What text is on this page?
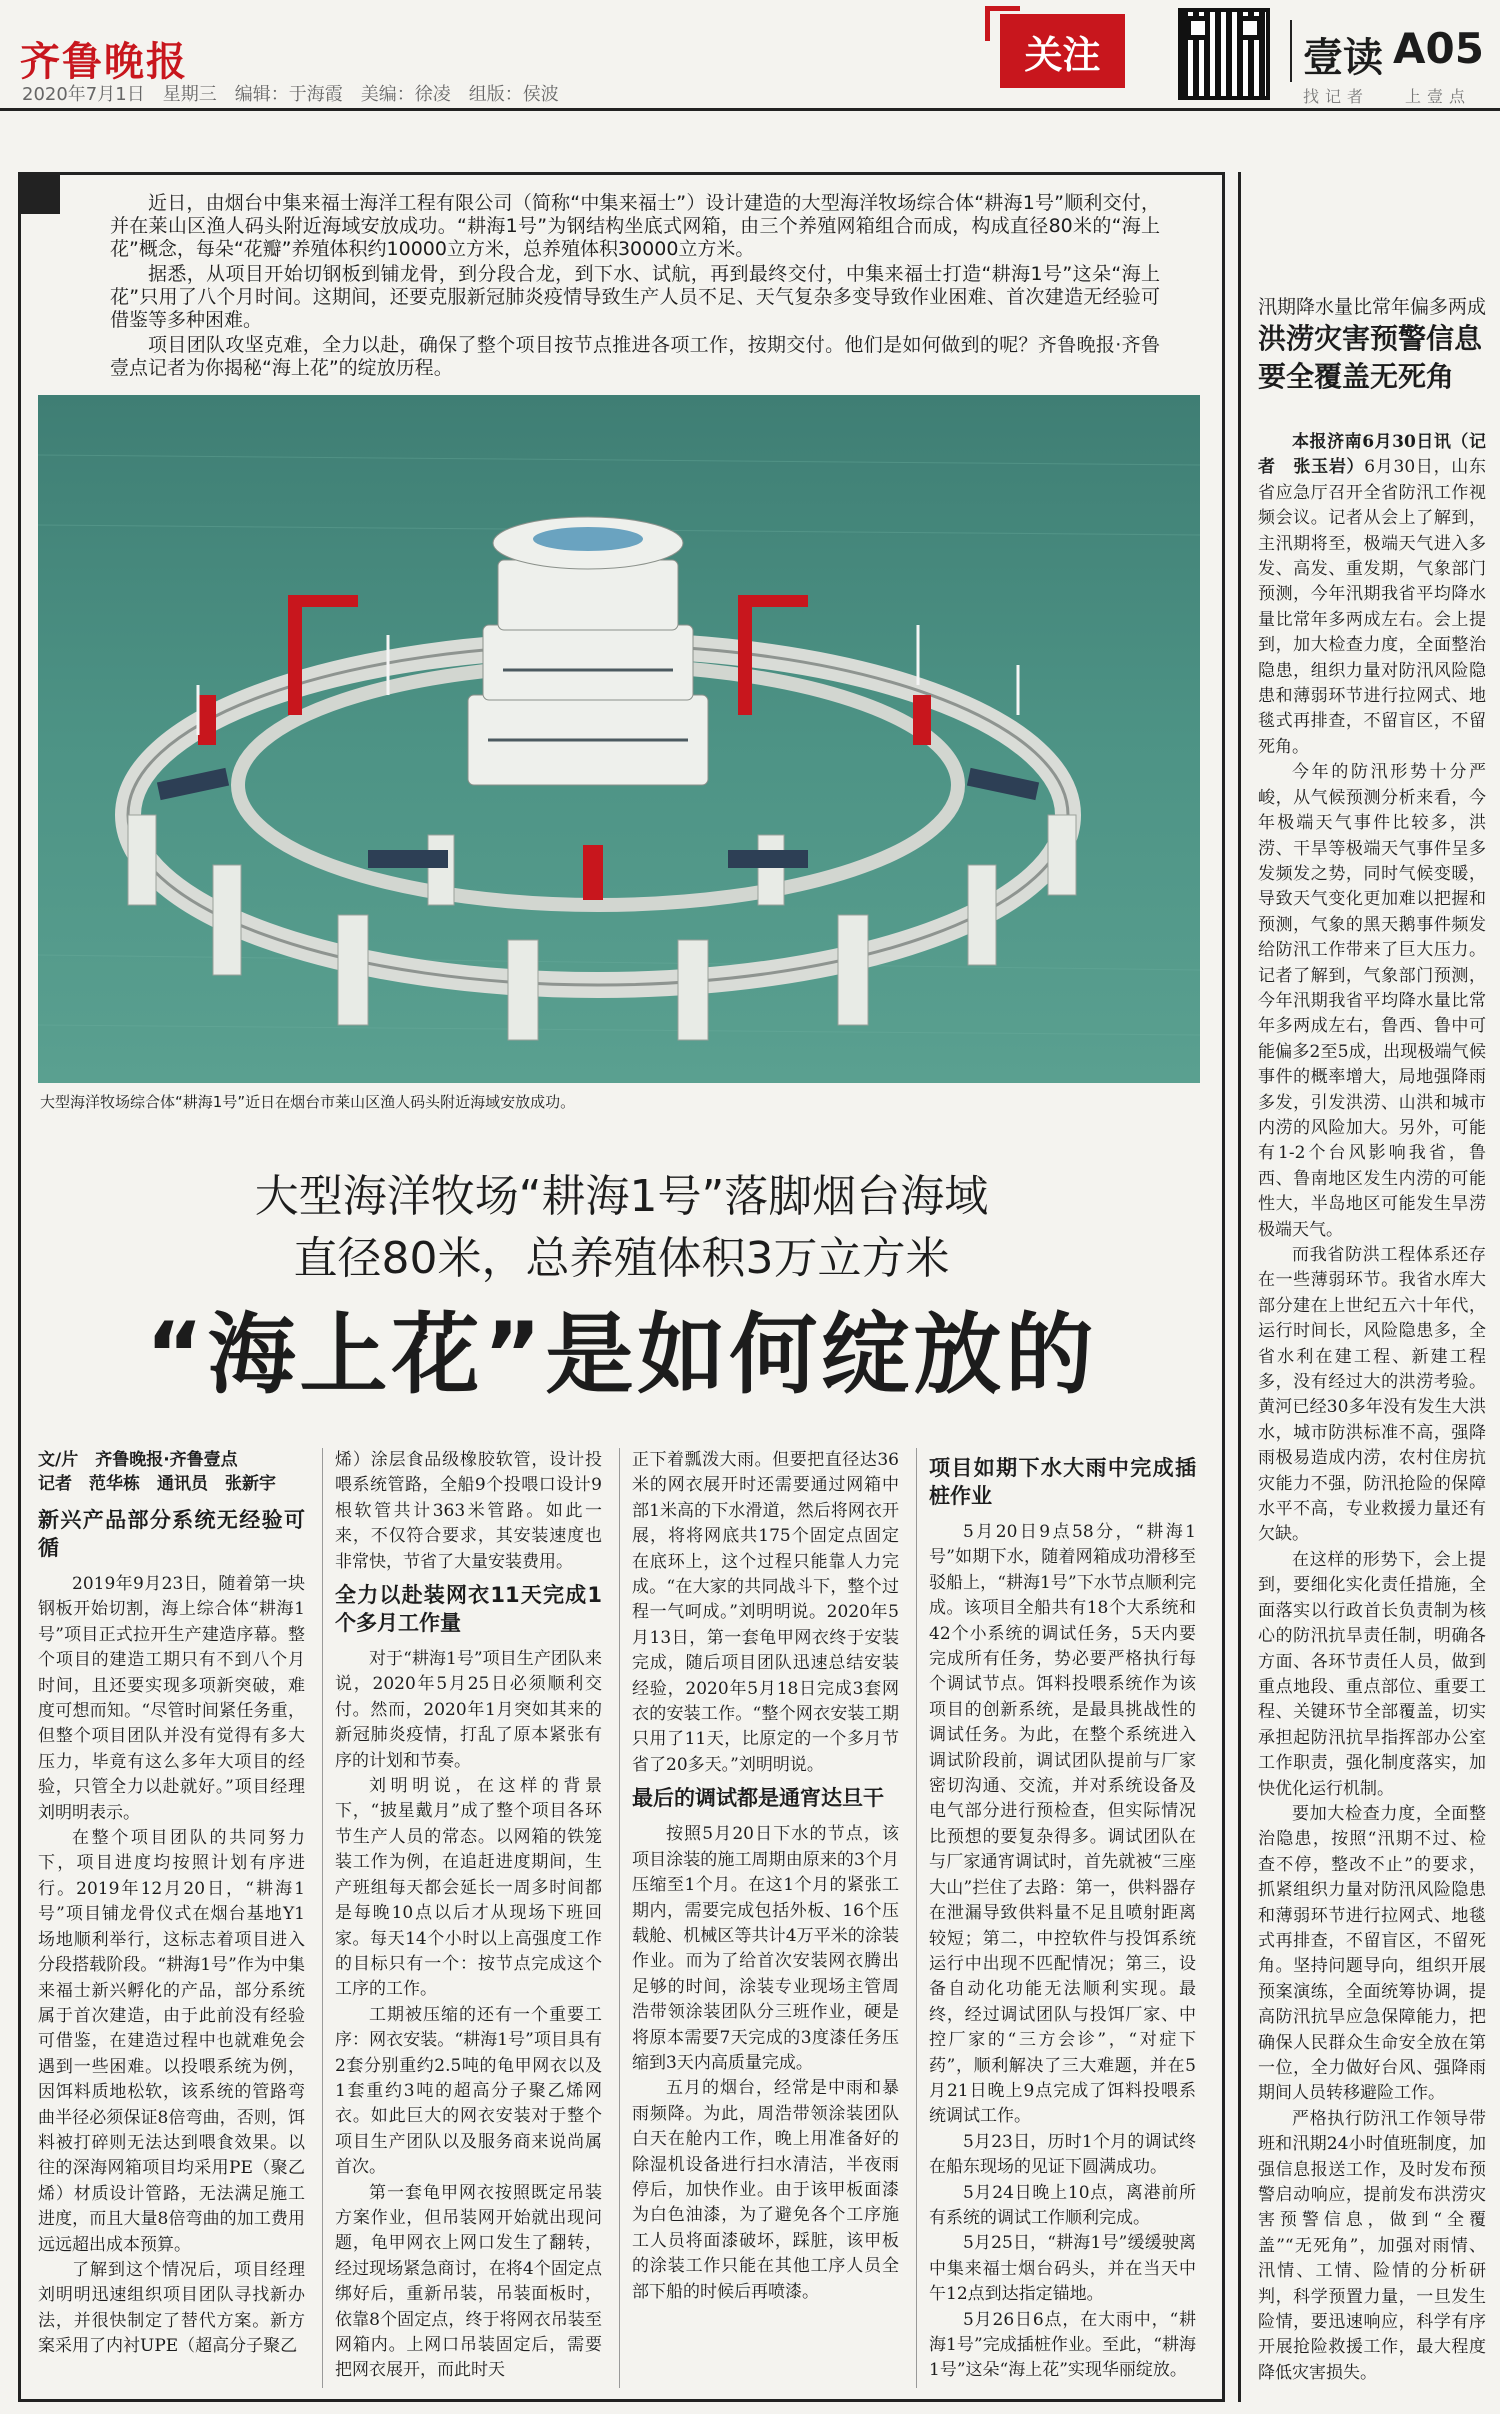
齐鲁晚报
2020年7月1日　星期三　编辑：于海霞　美编：徐凌　组版：侯波
关注	壹读 A05
找记者 上壹点

近日，由烟台中集来福士海洋工程有限公司（简称“中集来福士”）设计建造的大型海洋牧场综合体“耕海1号”顺利交付，并在莱山区渔人码头附近海域安放成功。“耕海1号”为钢结构坐底式网箱，由三个养殖网箱组合而成，构成直径80米的“海上花”概念，每朵“花瓣”养殖体积约10000立方米，总养殖体积30000立方米。

据悉，从项目开始切钢板到铺龙骨，到分段合龙，到下水、试航，再到最终交付，中集来福士打造“耕海1号”这朵“海上花”只用了八个月时间。这期间，还要克服新冠肺炎疫情导致生产人员不足、天气复杂多变导致作业困难、首次建造无经验可借鉴等多种困难。

项目团队攻坚克难，全力以赴，确保了整个项目按节点推进各项工作，按期交付。他们是如何做到的呢？齐鲁晚报·齐鲁壹点记者为你揭秘“海上花”的绽放历程。

大型海洋牧场综合体“耕海1号”近日在烟台市莱山区渔人码头附近海域安放成功。
大型海洋牧场“耕海1号”落脚烟台海域
直径80米，总养殖体积3万立方米
“海上花”是如何绽放的
文/片　齐鲁晚报·齐鲁壹点
记者　范华栋　通讯员　张新宇
新兴产品部分系统无经验可循

2019年9月23日，随着第一块钢板开始切割，海上综合体“耕海1号”项目正式拉开生产建造序幕。整个项目的建造工期只有不到八个月时间，且还要实现多项新突破，难度可想而知。“尽管时间紧任务重，但整个项目团队并没有觉得有多大压力，毕竟有这么多年大项目的经验，只管全力以赴就好。”项目经理刘明明表示。

在整个项目团队的共同努力下，项目进度均按照计划有序进行。2019年12月20日，“耕海1号”项目铺龙骨仪式在烟台基地Y1场地顺利举行，这标志着项目进入分段搭载阶段。“耕海1号”作为中集来福士新兴孵化的产品，部分系统属于首次建造，由于此前没有经验可借鉴，在建造过程中也就难免会遇到一些困难。以投喂系统为例，因饵料质地松软，该系统的管路弯曲半径必须保证8倍弯曲，否则，饵料被打碎则无法达到喂食效果。以往的深海网箱项目均采用PE（聚乙烯）材质设计管路，无法满足施工进度，而且大量8倍弯曲的加工费用远远超出成本预算。

了解到这个情况后，项目经理刘明明迅速组织项目团队寻找新办法，并很快制定了替代方案。新方案采用了内衬UPE（超高分子聚乙

烯）涂层食品级橡胶软管，设计投喂系统管路，全船9个投喂口设计9根软管共计363米管路。如此一来，不仅符合要求，其安装速度也非常快，节省了大量安装费用。

全力以赴装网衣11天完成1个多月工作量

对于“耕海1号”项目生产团队来说，2020年5月25日必须顺利交付。然而，2020年1月突如其来的新冠肺炎疫情，打乱了原本紧张有序的计划和节奏。

刘明明说，在这样的背景下，“披星戴月”成了整个项目各环节生产人员的常态。以网箱的铁笼装工作为例，在追赶进度期间，生产班组每天都会延长一周多时间都是每晚10点以后才从现场下班回家。每天14个小时以上高强度工作的目标只有一个：按节点完成这个工序的工作。

工期被压缩的还有一个重要工序：网衣安装。“耕海1号”项目具有2套分别重约2.5吨的龟甲网衣以及1套重约3吨的超高分子聚乙烯网衣。如此巨大的网衣安装对于整个项目生产团队以及服务商来说尚属首次。

第一套龟甲网衣按照既定吊装方案作业，但吊装网开始就出现问题，龟甲网衣上网口发生了翻转，经过现场紧急商讨，在将4个固定点绑好后，重新吊装，吊装面板时，依靠8个固定点，终于将网衣吊装至网箱内。上网口吊装固定后，需要把网衣展开，而此时天

正下着瓢泼大雨。但要把直径达36米的网衣展开时还需要通过网箱中部1米高的下水滑道，然后将网衣开展，将将网底共175个固定点固定在底环上，这个过程只能靠人力完成。“在大家的共同战斗下，整个过程一气呵成。”刘明明说。2020年5月13日，第一套龟甲网衣终于安装完成，随后项目团队迅速总结安装经验，2020年5月18日完成3套网衣的安装工作。“整个网衣安装工期只用了11天，比原定的一个多月节省了20多天。”刘明明说。

最后的调试都是通宵达旦干

按照5月20日下水的节点，该项目涂装的施工周期由原来的3个月压缩至1个月。在这1个月的紧张工期内，需要完成包括外板、16个压载舱、机械区等共计4万平米的涂装作业。而为了给首次安装网衣腾出足够的时间，涂装专业现场主管周浩带领涂装团队分三班作业，硬是将原本需要7天完成的3度漆任务压缩到3天内高质量完成。

五月的烟台，经常是中雨和暴雨频降。为此，周浩带领涂装团队白天在舱内工作，晚上用准备好的除湿机设备进行扫水清洁，半夜雨停后，加快作业。由于该甲板面漆为白色油漆，为了避免各个工序施工人员将面漆破坏，踩脏，该甲板的涂装工作只能在其他工序人员全部下船的时候后再喷漆。

项目如期下水大雨中完成插桩作业

5月20日9点58分，“耕海1号”如期下水，随着网箱成功滑移至驳船上，“耕海1号”下水节点顺利完成。该项目全船共有18个大系统和42个小系统的调试任务，5天内要完成所有任务，势必要严格执行每个调试节点。饵料投喂系统作为该项目的创新系统，是最具挑战性的调试任务。为此，在整个系统进入调试阶段前，调试团队提前与厂家密切沟通、交流，并对系统设备及电气部分进行预检查，但实际情况比预想的要复杂得多。调试团队在与厂家通宵调试时，首先就被“三座大山”拦住了去路：第一，供料器存在泄漏导致供料量不足且喷射距离较短；第二，中控软件与投饵系统运行中出现不匹配情况；第三，设备自动化功能无法顺利实现。最终，经过调试团队与投饵厂家、中控厂家的“三方会诊”，“对症下药”，顺利解决了三大难题，并在5月21日晚上9点完成了饵料投喂系统调试工作。

5月23日，历时1个月的调试终在船东现场的见证下圆满成功。

5月24日晚上10点，离港前所有系统的调试工作顺利完成。

5月25日，“耕海1号”缓缓驶离中集来福士烟台码头，并在当天中午12点到达指定锚地。

5月26日6点，在大雨中，“耕海1号”完成插桩作业。至此，“耕海1号”这朵“海上花”实现华丽绽放。

汛期降水量比常年偏多两成
洪涝灾害预警信息要全覆盖无死角

本报济南6月30日讯（记者　张玉岩）6月30日，山东省应急厅召开全省防汛工作视频会议。记者从会上了解到，主汛期将至，极端天气进入多发、高发、重发期，气象部门预测，今年汛期我省平均降水量比常年多两成左右。会上提到，加大检查力度，全面整治隐患，组织力量对防汛风险隐患和薄弱环节进行拉网式、地毯式再排查，不留盲区，不留死角。

今年的防汛形势十分严峻，从气候预测分析来看，今年极端天气事件比较多，洪涝、干旱等极端天气事件呈多发频发之势，同时气候变暖，导致天气变化更加难以把握和预测，气象的黑天鹅事件频发给防汛工作带来了巨大压力。记者了解到，气象部门预测，今年汛期我省平均降水量比常年多两成左右，鲁西、鲁中可能偏多2至5成，出现极端气候事件的概率增大，局地强降雨多发，引发洪涝、山洪和城市内涝的风险加大。另外，可能有1-2个台风影响我省，鲁西、鲁南地区发生内涝的可能性大，半岛地区可能发生旱涝极端天气。

而我省防洪工程体系还存在一些薄弱环节。我省水库大部分建在上世纪五六十年代，运行时间长，风险隐患多，全省水利在建工程、新建工程多，没有经过大的洪涝考验。黄河已经30多年没有发生大洪水，城市防洪标准不高，强降雨极易造成内涝，农村住房抗灾能力不强，防汛抢险的保障水平不高，专业救援力量还有欠缺。

在这样的形势下，会上提到，要细化实化责任措施，全面落实以行政首长负责制为核心的防汛抗旱责任制，明确各方面、各环节责任人员，做到重点地段、重点部位、重要工程、关键环节全部覆盖，切实承担起防汛抗旱指挥部办公室工作职责，强化制度落实，加快优化运行机制。

要加大检查力度，全面整治隐患，按照“汛期不过、检查不停，整改不止”的要求，抓紧组织力量对防汛风险隐患和薄弱环节进行拉网式、地毯式再排查，不留盲区，不留死角。坚持问题导向，组织开展预案演练，全面统筹协调，提高防汛抗旱应急保障能力，把确保人民群众生命安全放在第一位，全力做好台风、强降雨期间人员转移避险工作。

严格执行防汛工作领导带班和汛期24小时值班制度，加强信息报送工作，及时发布预警启动响应，提前发布洪涝灾害预警信息，做到“全覆盖”“无死角”，加强对雨情、汛情、工情、险情的分析研判，科学预置力量，一旦发生险情，要迅速响应，科学有序开展抢险救援工作，最大程度降低灾害损失。
